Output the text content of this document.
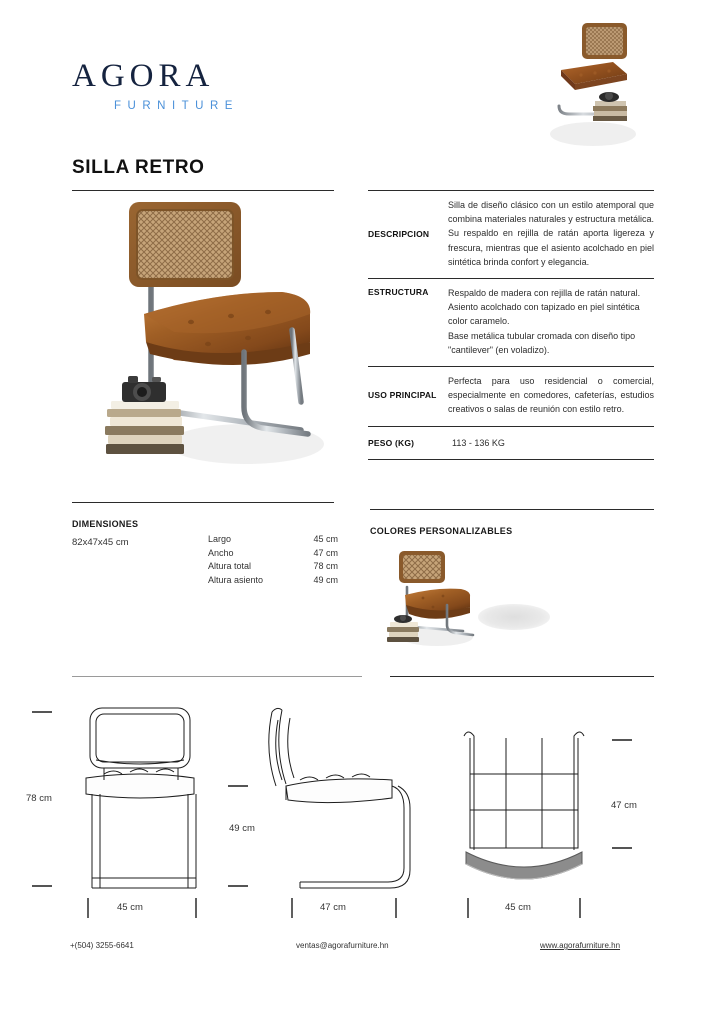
AGORA
FURNITURE
SILLA RETRO
DESCRIPCION
Silla de diseño clásico con un estilo atemporal que combina materiales naturales y estructura metálica. Su respaldo en rejilla de ratán aporta ligereza y frescura, mientras que el asiento acolchado en piel sintética brinda confort y elegancia.
ESTRUCTURA	Respaldo de madera con rejilla de ratán natural.
Asiento acolchado con tapizado en piel sintética color caramelo.
Base metálica tubular cromada con diseño tipo "cantilever" (en voladizo).
USO PRINCIPAL
Perfecta para uso residencial o comercial, especialmente en comedores, cafeterías, estudios creativos o salas de reunión con estilo retro.
PESO (KG)	113 - 136 KG
DIMENSIONES
82x47x45 cm	Largo	45 cm
Ancho	47 cm
Altura total	78 cm
Altura asiento	49 cm
COLORES PERSONALIZABLES
78 cm
45 cm
49 cm
47 cm
47 cm
45 cm
+(504) 3255-6641	ventas@agorafurniture.hn	www.agorafurniture.hn
